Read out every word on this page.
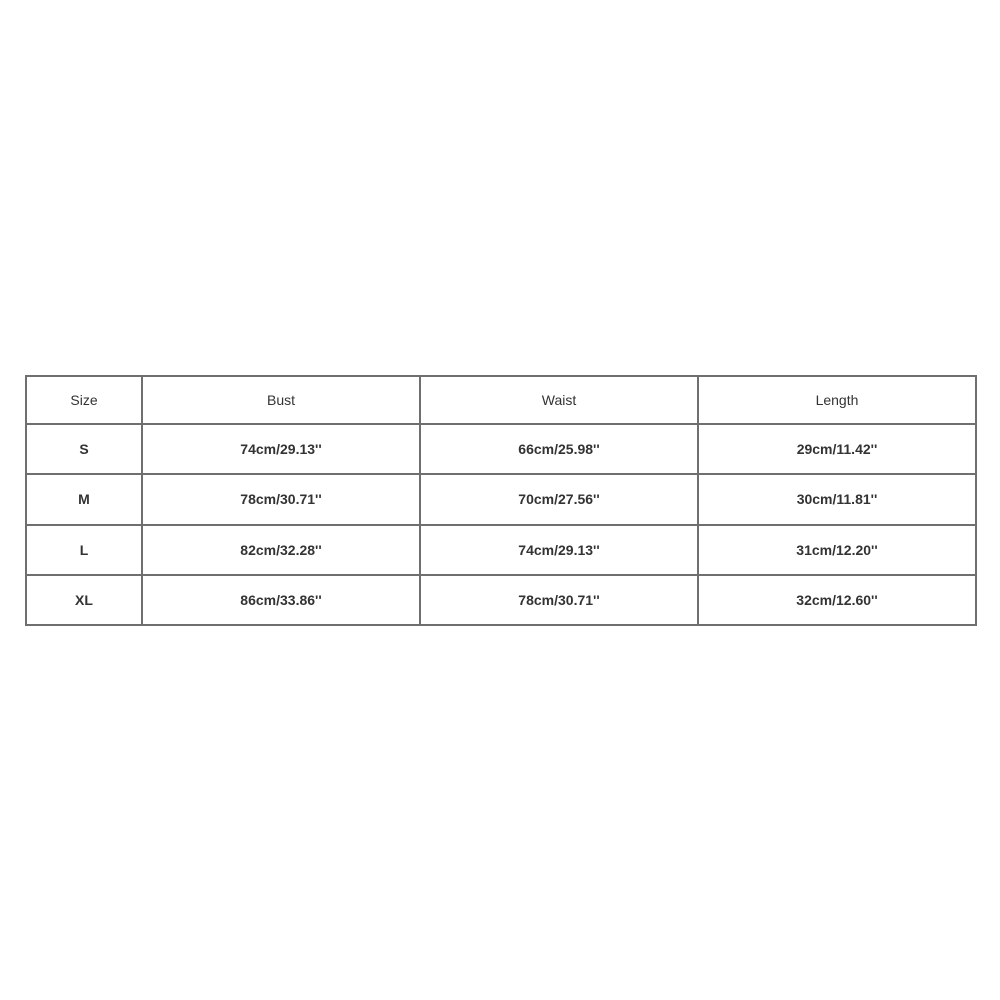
Size	Bust	Waist	Length
S	74cm/29.13''	66cm/25.98''	29cm/11.42''
M	78cm/30.71''	70cm/27.56''	30cm/11.81''
L	82cm/32.28''	74cm/29.13''	31cm/12.20''
XL	86cm/33.86''	78cm/30.71''	32cm/12.60''
